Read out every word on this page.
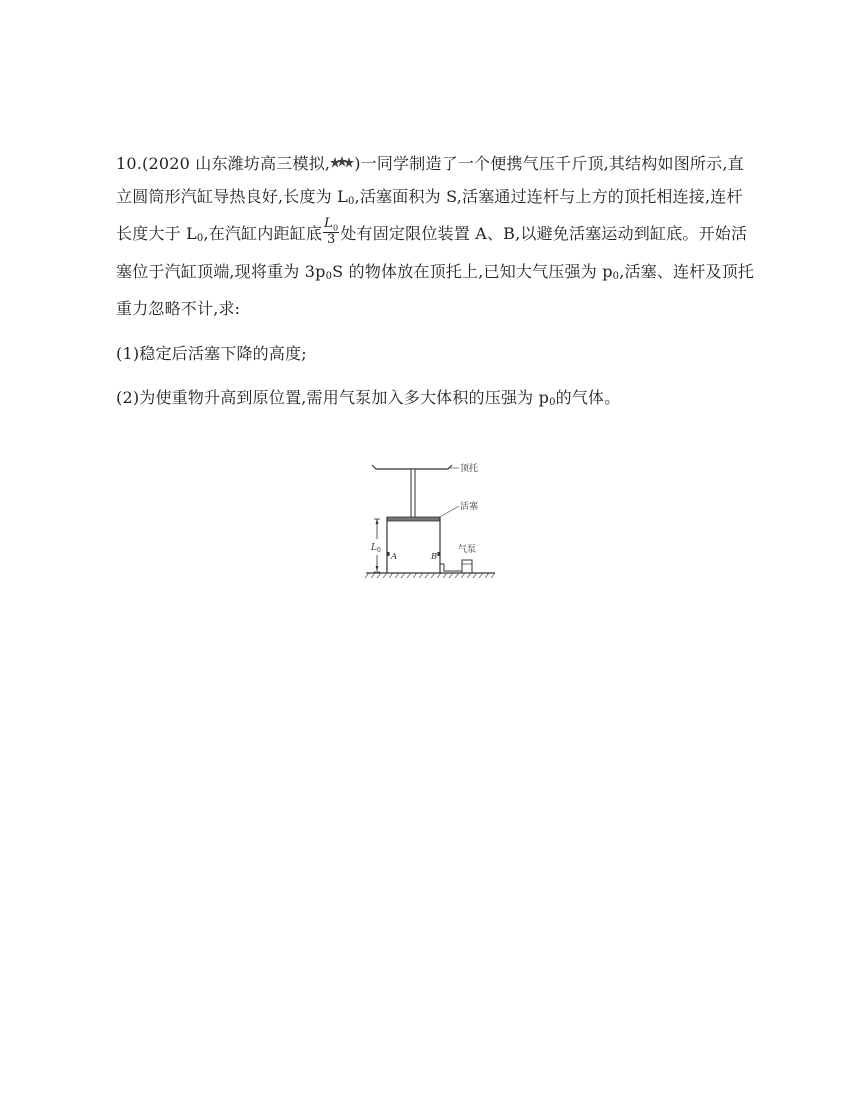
10.(2020 山东潍坊高三模拟, )一同学制造了一个便携气压千斤顶,其结构如图所示,直立圆筒形汽缸导热良好,长度为 $L_0$,活塞面积为 S,活塞通过连杆与上方的顶托相连接,连杆长度大于 $L_0$,在汽缸内距缸底 $\frac{L_0}{3}$ 处有固定限位装置 A、B,以避免活塞运动到缸底。开始活塞位于汽缸顶端,现将重为 $3p_0S$ 的物体放在顶托上,已知大气压强为 $p_0$,活塞、连杆及顶托重力忽略不计,求:

(1)稳定后活塞下降的高度;

(2)为使重物升高到原位置,需用气泵加入多大体积的压强为 $p_0$的气体。

顶托
活塞
A	B
$L_0$	气泵
